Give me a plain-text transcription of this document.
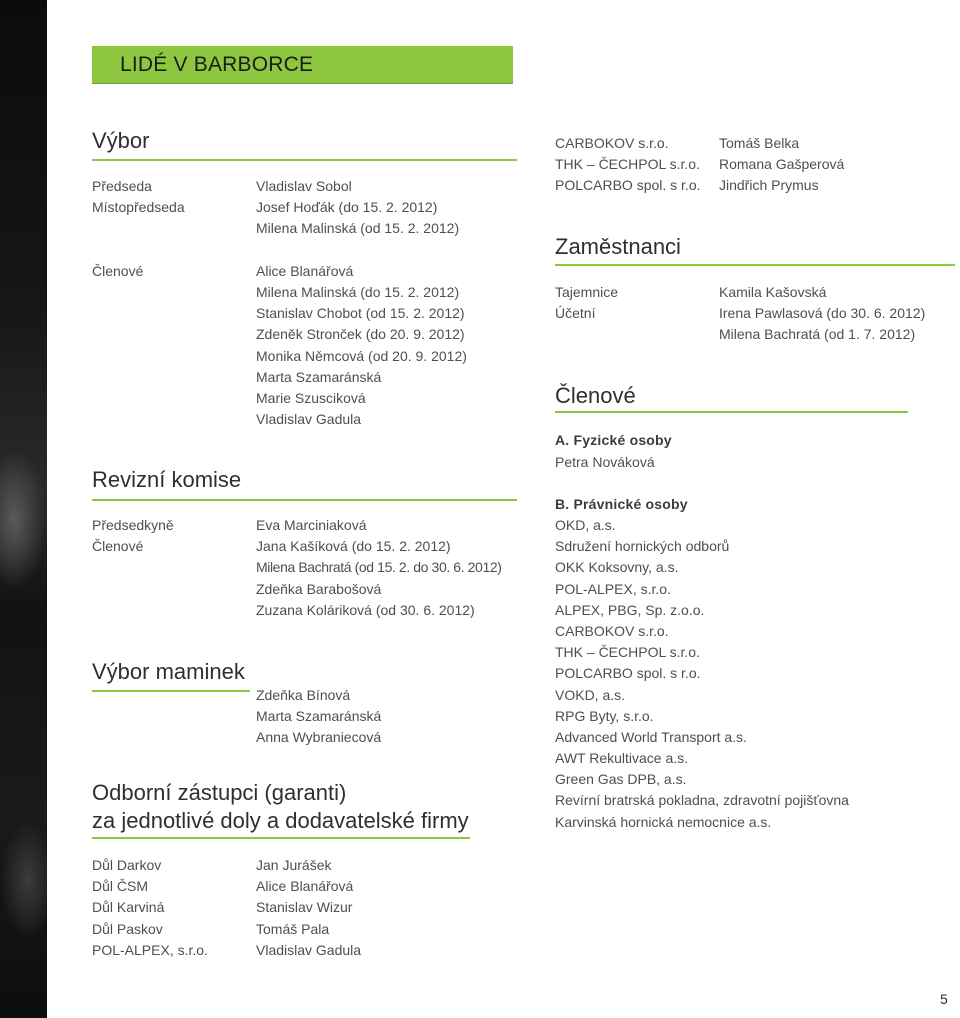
LIDÉ V BARBORCE
Výbor
Předseda
Místopředseda
Členové
Vladislav Sobol
Josef Hoďák (do 15. 2. 2012)
Milena Malinská (od 15. 2. 2012)
Alice Blanářová
Milena Malinská (do 15. 2. 2012)
Stanislav Chobot (od 15. 2. 2012)
Zdeněk Stronček (do 20. 9. 2012)
Monika Němcová (od 20. 9. 2012)
Marta Szamaránská
Marie Szusciková
Vladislav Gadula
Revizní komise
Předsedkyně
Členové
Eva Marciniaková
Jana Kašíková (do 15. 2. 2012)
Milena Bachratá (od 15. 2. do 30. 6. 2012)
Zdeňka Barabošová
Zuzana Koláriková (od 30. 6. 2012)
Výbor maminek
Zdeňka Bínová
Marta Szamaránská
Anna Wybraniecová
Odborní zástupci (garanti)
za jednotlivé doly a dodavatelské firmy
Důl Darkov
Důl ČSM
Důl Karviná
Důl Paskov
POL-ALPEX, s.r.o.
Jan Jurášek
Alice Blanářová
Stanislav Wizur
Tomáš Pala
Vladislav Gadula
CARBOKOV s.r.o.
THK – ČECHPOL s.r.o.
POLCARBO spol. s r.o.
Tomáš Belka
Romana Gašperová
Jindřich Prymus
Zaměstnanci
Tajemnice
Účetní
Kamila Kašovská
Irena Pawlasová (do 30. 6. 2012)
Milena Bachratá (od 1. 7. 2012)
Členové
A. Fyzické osoby
Petra Nováková
B. Právnické osoby
OKD, a.s.
Sdružení hornických odborů
OKK Koksovny, a.s.
POL-ALPEX, s.r.o.
ALPEX, PBG, Sp. z.o.o.
CARBOKOV s.r.o.
THK – ČECHPOL s.r.o.
POLCARBO spol. s r.o.
VOKD, a.s.
RPG Byty, s.r.o.
Advanced World Transport a.s.
AWT Rekultivace a.s.
Green Gas DPB, a.s.
Revírní bratrská pokladna, zdravotní pojišťovna
Karvinská hornická nemocnice a.s.
5
